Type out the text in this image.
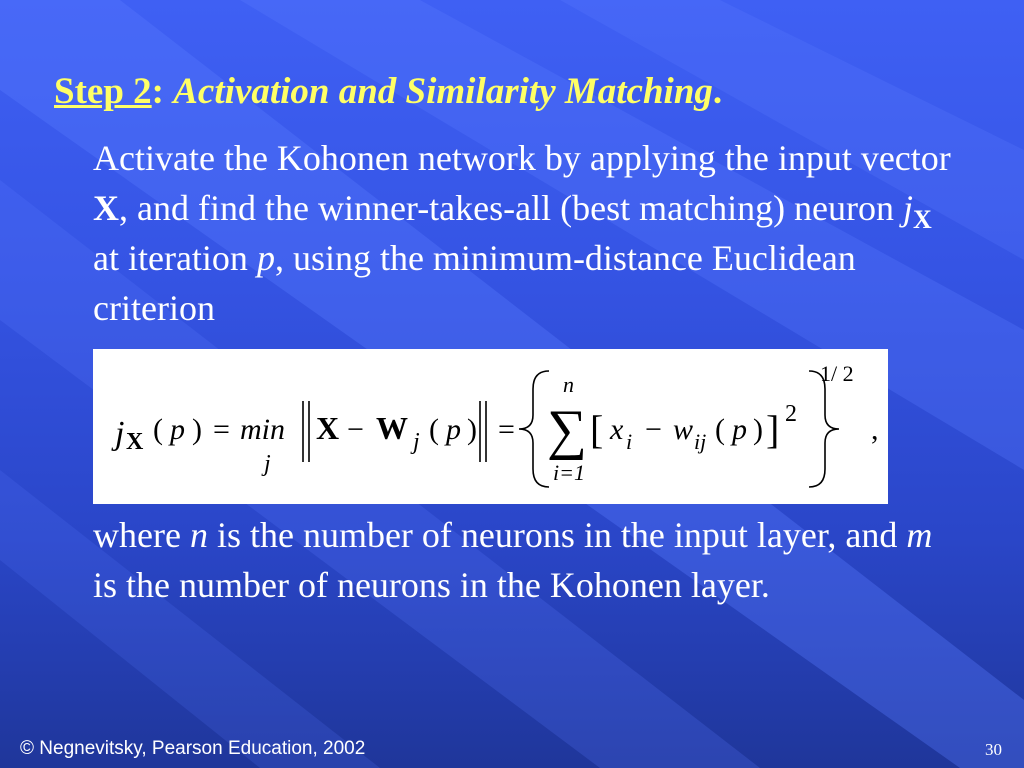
Step 2: Activation and Similarity Matching.
Activate the Kohonen network by applying the input vector X, and find the winner-takes-all (best matching) neuron $j_X$ at iteration p, using the minimum-distance Euclidean criterion
j X ( p ) = min
j
X − W j ( p ) =
n
∑
i=1
[ x i − w ij ( p ) ] 2
1/ 2
,
where n is the number of neurons in the input layer, and m is the number of neurons in the Kohonen layer.
© Negnevitsky, Pearson Education, 2002	30
